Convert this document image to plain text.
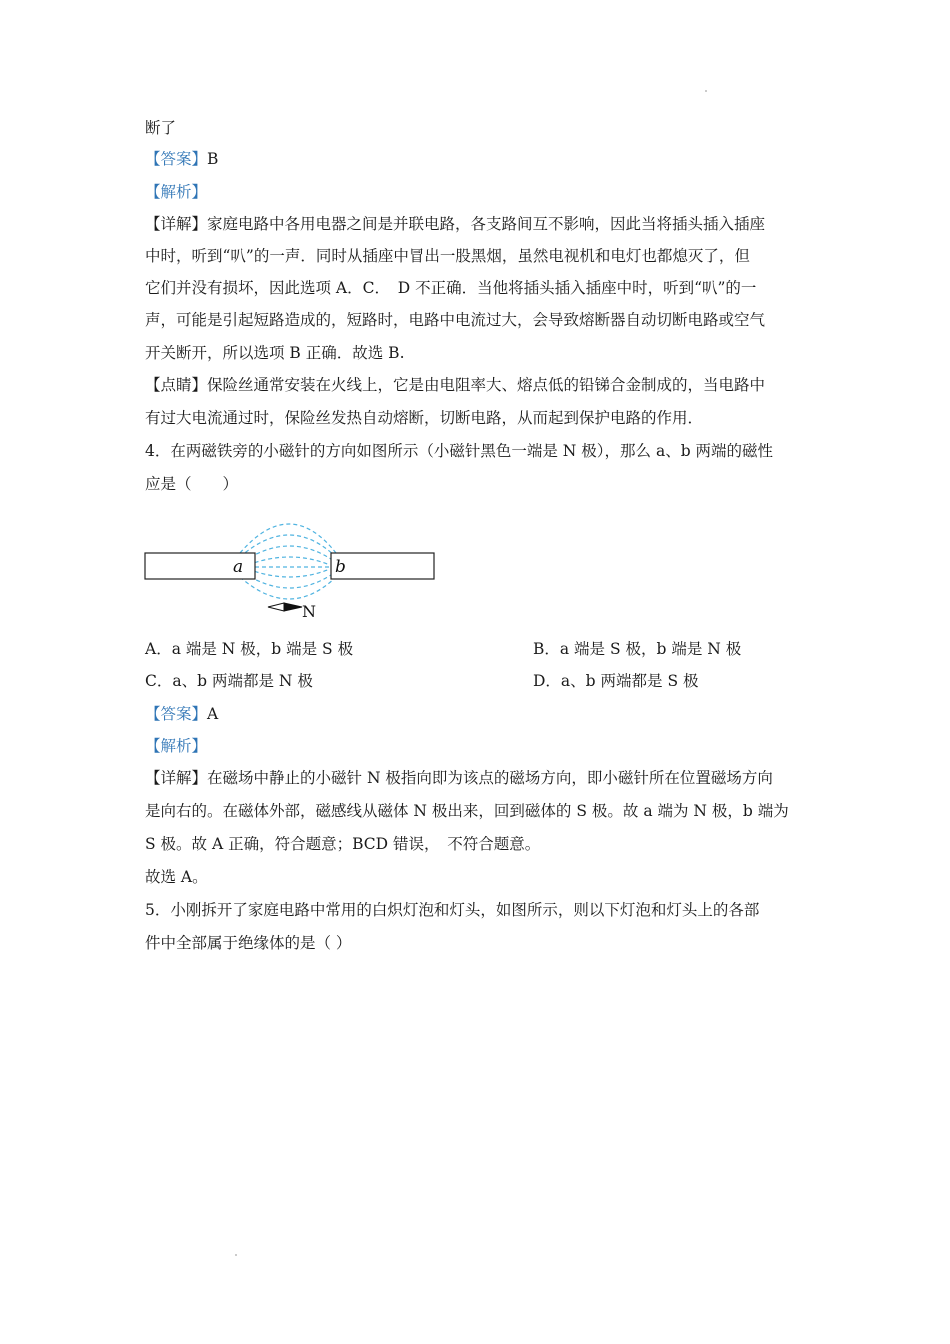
断了
【答案】B
【解析】
【详解】家庭电路中各用电器之间是并联电路，各支路间互不影响，因此当将插头插入插座
中时，听到“叭”的一声．同时从插座中冒出一股黑烟，虽然电视机和电灯也都熄灭了，但
它们并没有损坏，因此选项 A．C．　D 不正确．当他将插头插入插座中时，听到“叭”的一
声，可能是引起短路造成的，短路时，电路中电流过大，会导致熔断器自动切断电路或空气
开关断开，所以选项 B 正确．故选 B.
【点睛】保险丝通常安装在火线上，它是由电阻率大、熔点低的铅锑合金制成的，当电路中
有过大电流通过时，保险丝发热自动熔断，切断电路，从而起到保护电路的作用．
4．在两磁铁旁的小磁针的方向如图所示（小磁针黑色一端是 N 极），那么 a、b 两端的磁性
应是（　　）
a	b
N
A．a 端是 N 极，b 端是 S 极	B．a 端是 S 极，b 端是 N 极
C．a、b 两端都是 N 极	D．a、b 两端都是 S 极
【答案】A
【解析】
【详解】在磁场中静止的小磁针 N 极指向即为该点的磁场方向，即小磁针所在位置磁场方向
是向右的。在磁体外部，磁感线从磁体 N 极出来，回到磁体的 S 极。故 a 端为 N 极，b 端为
S 极。故 A 正确，符合题意；BCD 错误，　不符合题意。
故选 A。
5．小刚拆开了家庭电路中常用的白炽灯泡和灯头，如图所示，则以下灯泡和灯头上的各部
件中全部属于绝缘体的是（ ）
